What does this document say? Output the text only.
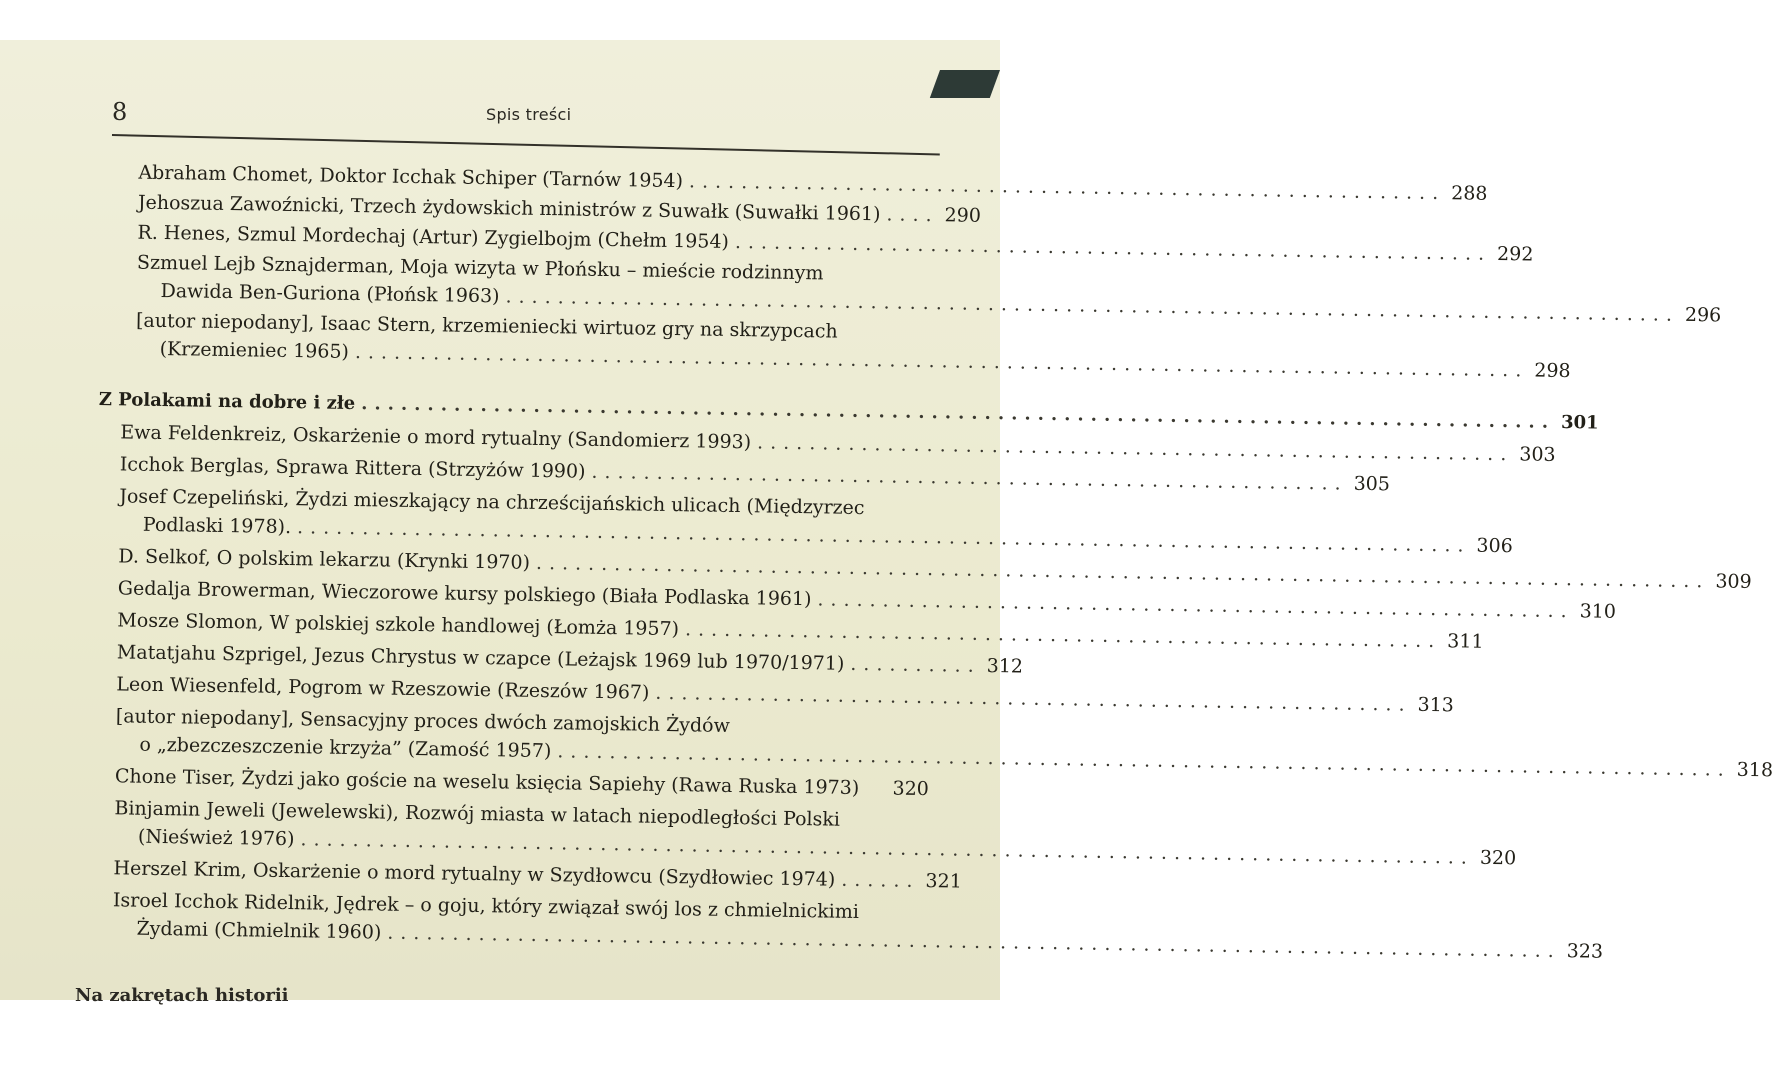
8	Spis treści
Abraham Chomet, Doktor Icchak Schiper (Tarnów 1954) .......................................................... 288
Jehoszua Zawoźnicki, Trzech żydowskich ministrów z Suwałk (Suwałki 1961) .... 290
R. Henes, Szmul Mordechaj (Artur) Zygielbojm (Chełm 1954) .......................................................... 292
Szmuel Lejb Sznajderman, Moja wizyta w Płońsku – mieście rodzinnym
Dawida Ben-Guriona (Płońsk 1963) .......................................................................................... 296
[autor niepodany], Isaac Stern, krzemieniecki wirtuoz gry na skrzypcach
(Krzemieniec 1965) .......................................................................................... 298
Z Polakami na dobre i złe .......................................................................................... 301
Ewa Feldenkreiz, Oskarżenie o mord rytualny (Sandomierz 1993) .......................................................... 303
Icchok Berglas, Sprawa Rittera (Strzyżów 1990) .......................................................... 305
Josef Czepeliński, Żydzi mieszkający na chrześcijańskich ulicach (Międzyrzec
Podlaski 1978). .......................................................................................... 306
D. Selkof, O polskim lekarzu (Krynki 1970) .......................................................................................... 309
Gedalja Browerman, Wieczorowe kursy polskiego (Biała Podlaska 1961) .......................................................... 310
Mosze Slomon, W polskiej szkole handlowej (Łomża 1957) .......................................................... 311
Matatjahu Szprigel, Jezus Chrystus w czapce (Leżajsk 1969 lub 1970/1971) .......... 312
Leon Wiesenfeld, Pogrom w Rzeszowie (Rzeszów 1967) .......................................................... 313
[autor niepodany], Sensacyjny proces dwóch zamojskich Żydów
o „zbezczeszczenie krzyża” (Zamość 1957) .......................................................................................... 318
Chone Tiser, Żydzi jako goście na weselu księcia Sapiehy (Rawa Ruska 1973) 320
Binjamin Jeweli (Jewelewski), Rozwój miasta w latach niepodległości Polski
(Nieśwież 1976) .......................................................................................... 320
Herszel Krim, Oskarżenie o mord rytualny w Szydłowcu (Szydłowiec 1974) ...... 321
Isroel Icchok Ridelnik, Jędrek – o goju, który związał swój los z chmielnickimi
Żydami (Chmielnik 1960) .......................................................................................... 323
Na zakrętach historii
